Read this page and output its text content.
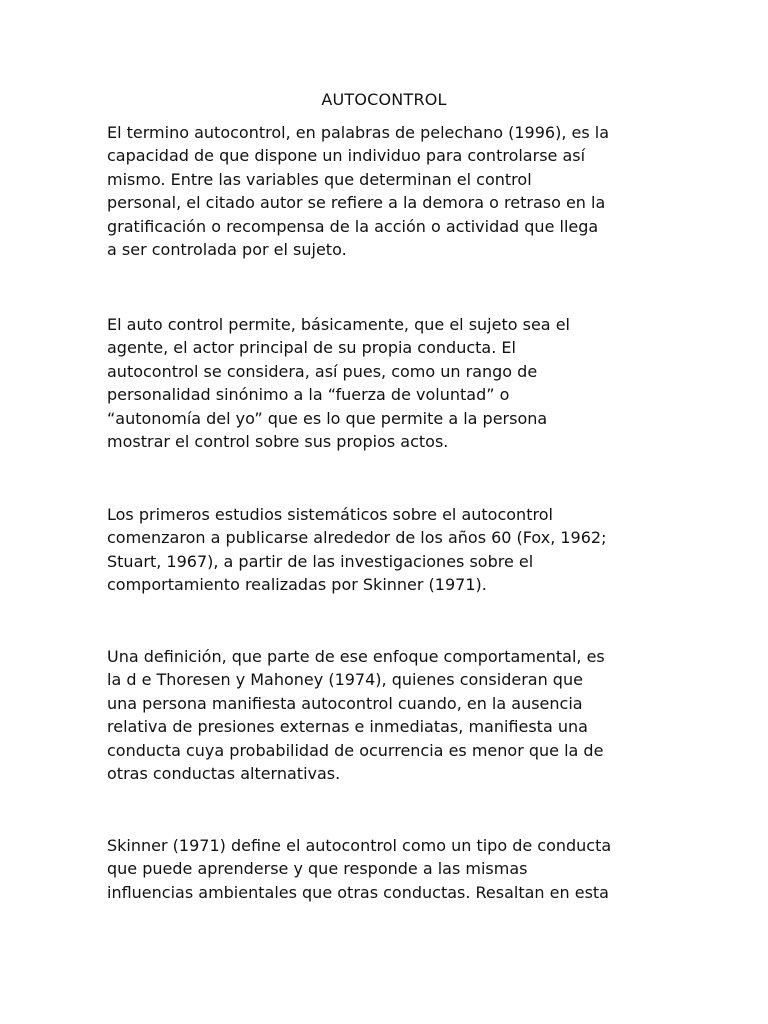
AUTOCONTROL

El termino autocontrol, en palabras de pelechano (1996), es la
capacidad de que dispone un individuo para controlarse así
mismo. Entre las variables que determinan el control
personal, el citado autor se refiere a la demora o retraso en la
gratificación o recompensa de la acción o actividad que llega
a ser controlada por el sujeto.

El auto control permite, básicamente, que el sujeto sea el
agente, el actor principal de su propia conducta. El
autocontrol se considera, así pues, como un rango de
personalidad sinónimo a la “fuerza de voluntad” o
“autonomía del yo” que es lo que permite a la persona
mostrar el control sobre sus propios actos.

Los primeros estudios sistemáticos sobre el autocontrol
comenzaron a publicarse alrededor de los años 60 (Fox, 1962;
Stuart, 1967), a partir de las investigaciones sobre el
comportamiento realizadas por Skinner (1971).

Una definición, que parte de ese enfoque comportamental, es
la d e Thoresen y Mahoney (1974), quienes consideran que
una persona manifiesta autocontrol cuando, en la ausencia
relativa de presiones externas e inmediatas, manifiesta una
conducta cuya probabilidad de ocurrencia es menor que la de
otras conductas alternativas.

Skinner (1971) define el autocontrol como un tipo de conducta
que puede aprenderse y que responde a las mismas
influencias ambientales que otras conductas. Resaltan en esta
